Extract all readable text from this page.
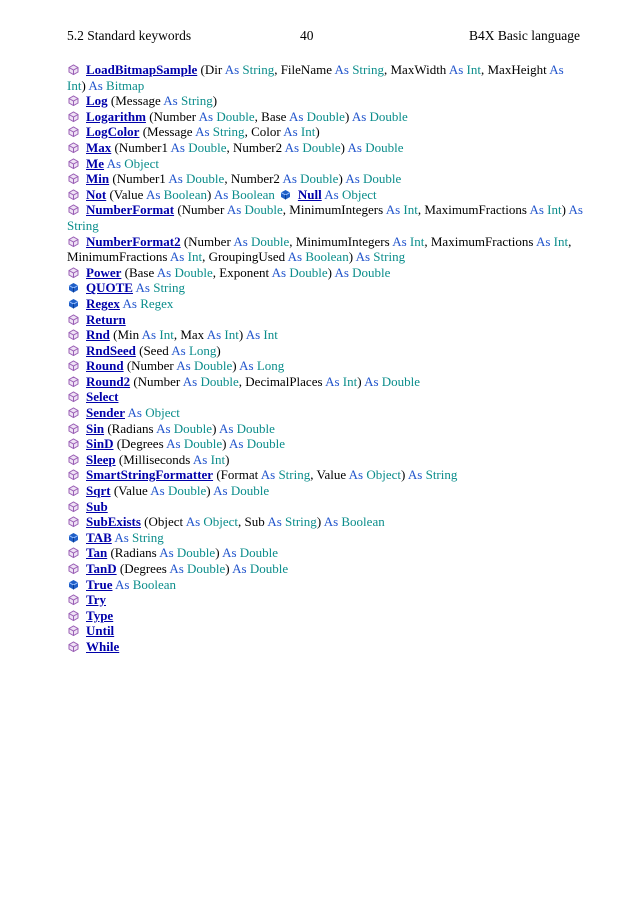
5.2 Standard keywords	40	B4X Basic language
LoadBitmapSample (Dir As String, FileName As String, MaxWidth As Int, MaxHeight As
Int) As Bitmap
Log (Message As String)
Logarithm (Number As Double, Base As Double) As Double
LogColor (Message As String, Color As Int)
Max (Number1 As Double, Number2 As Double) As Double
Me As Object
Min (Number1 As Double, Number2 As Double) As Double
Not (Value As Boolean) As Boolean Null As Object
NumberFormat (Number As Double, MinimumIntegers As Int, MaximumFractions As Int) As
String
NumberFormat2 (Number As Double, MinimumIntegers As Int, MaximumFractions As Int,
MinimumFractions As Int, GroupingUsed As Boolean) As String
Power (Base As Double, Exponent As Double) As Double
QUOTE As String
Regex As Regex
Return
Rnd (Min As Int, Max As Int) As Int
RndSeed (Seed As Long)
Round (Number As Double) As Long
Round2 (Number As Double, DecimalPlaces As Int) As Double
Select
Sender As Object
Sin (Radians As Double) As Double
SinD (Degrees As Double) As Double
Sleep (Milliseconds As Int)
SmartStringFormatter (Format As String, Value As Object) As String
Sqrt (Value As Double) As Double
Sub
SubExists (Object As Object, Sub As String) As Boolean
TAB As String
Tan (Radians As Double) As Double
TanD (Degrees As Double) As Double
True As Boolean
Try
Type
Until
While
